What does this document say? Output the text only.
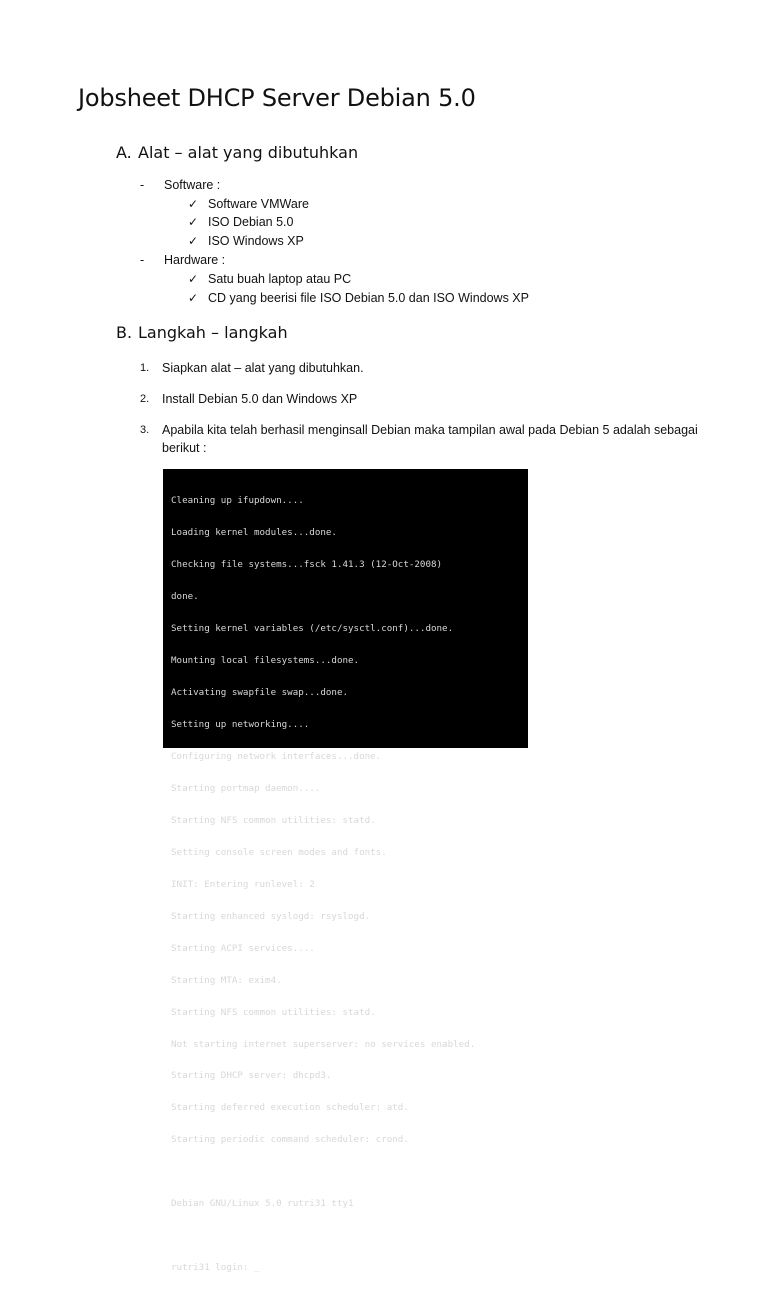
Jobsheet DHCP Server Debian 5.0
A. Alat – alat yang dibutuhkan
- Software :
✓ Software VMWare
✓ ISO Debian 5.0
✓ ISO Windows XP
- Hardware :
✓ Satu buah laptop atau PC
✓ CD yang beerisi file ISO Debian 5.0 dan ISO Windows XP
B. Langkah – langkah
1. Siapkan alat – alat yang dibutuhkan.
2. Install Debian 5.0 dan Windows XP
3. Apabila kita telah berhasil menginsall Debian maka tampilan awal pada Debian 5 adalah sebagai berikut :

Cleaning up ifupdown....

Loading kernel modules...done.

Checking file systems...fsck 1.41.3 (12-Oct-2008)

done.

Setting kernel variables (/etc/sysctl.conf)...done.

Mounting local filesystems...done.

Activating swapfile swap...done.

Setting up networking....

Configuring network interfaces...done.

Starting portmap daemon....

Starting NFS common utilities: statd.

Setting console screen modes and fonts.

INIT: Entering runlevel: 2

Starting enhanced syslogd: rsyslogd.

Starting ACPI services....

Starting MTA: exim4.

Starting NFS common utilities: statd.

Not starting internet superserver: no services enabled.

Starting DHCP server: dhcpd3.

Starting deferred execution scheduler: atd.

Starting periodic command scheduler: crond.

Debian GNU/Linux 5.0 rutri31 tty1

rutri31 login: _
